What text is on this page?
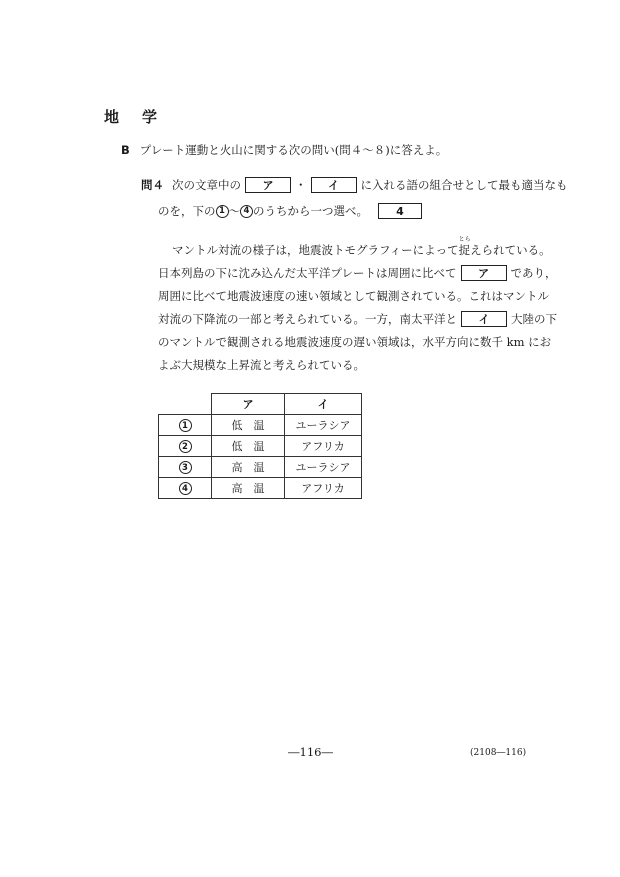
地　学
B プレート運動と火山に関する次の問い(問４～８)に答えよ。
問４ 次の文章中の	ア	・	イ	に入れる語の組合せとして最も適当なも
のを，下の 1 ～ 4 のうちから一つ選べ。	4
マントル対流の様子は，地震波トモグラフィーによって
とら
捉 えられている。
日本列島の下に沈み込んだ太平洋プレートは周囲に比べて	ア	であり，
周囲に比べて地震波速度の速い領域として観測されている。これはマントル
対流の下降流の一部と考えられている。一方，南太平洋と	イ	大陸の下
のマントルで観測される地震波速度の遅い領域は，水平方向に数千 km にお
よぶ大規模な上昇流と考えられている。
	ア	イ
1	低　温	ユーラシア
2	低　温	アフリカ
3	高　温	ユーラシア
4	高　温	アフリカ
―116―	(2108―116)
